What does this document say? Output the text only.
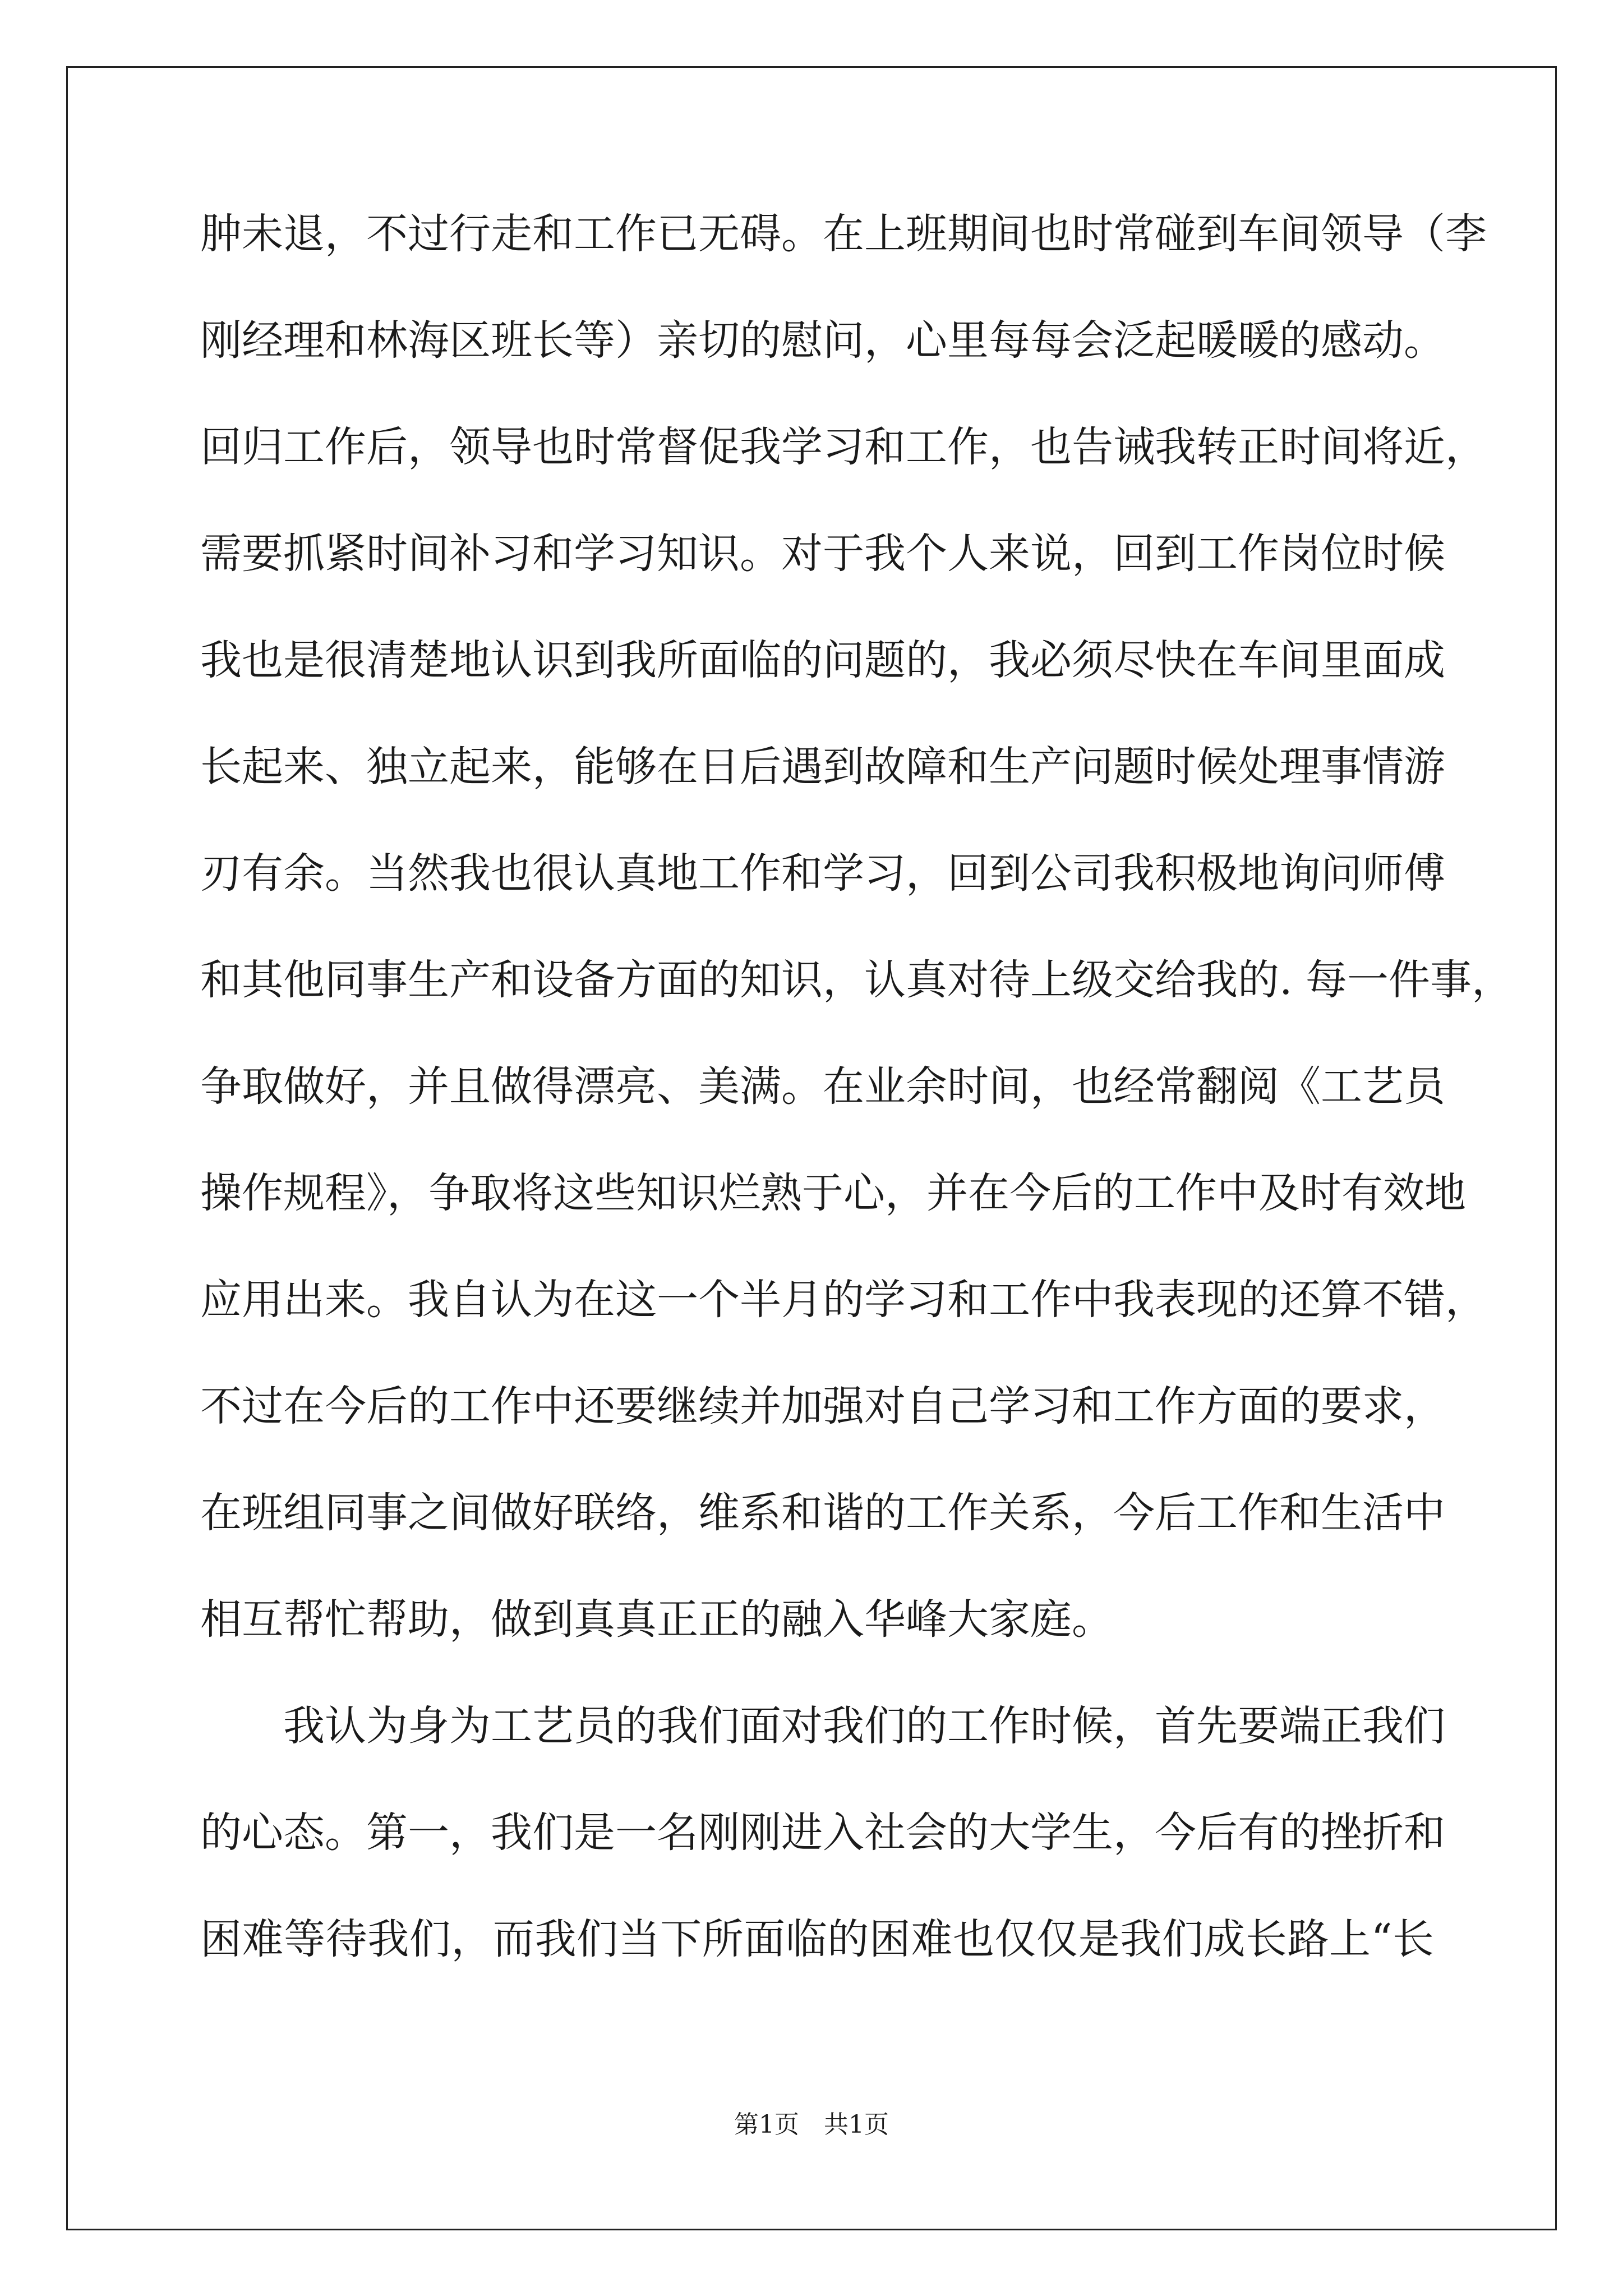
肿未退，不过行走和工作已无碍。在上班期间也时常碰到车间领导（李
刚经理和林海区班长等）亲切的慰问，心里每每会泛起暖暖的感动。
回归工作后，领导也时常督促我学习和工作，也告诫我转正时间将近，
需要抓紧时间补习和学习知识。对于我个人来说，回到工作岗位时候
我也是很清楚地认识到我所面临的问题的，我必须尽快在车间里面成
长起来、独立起来，能够在日后遇到故障和生产问题时候处理事情游
刃有余。当然我也很认真地工作和学习，回到公司我积极地询问师傅
和其他同事生产和设备方面的知识，认真对待上级交给我的. 每一件事，
争取做好，并且做得漂亮、美满。在业余时间，也经常翻阅《工艺员
操作规程》，争取将这些知识烂熟于心，并在今后的工作中及时有效地
应用出来。我自认为在这一个半月的学习和工作中我表现的还算不错，
不过在今后的工作中还要继续并加强对自己学习和工作方面的要求，
在班组同事之间做好联络，维系和谐的工作关系，今后工作和生活中
相互帮忙帮助，做到真真正正的融入华峰大家庭。
我认为身为工艺员的我们面对我们的工作时候，首先要端正我们
的心态。第一，我们是一名刚刚进入社会的大学生，今后有的挫折和
困难等待我们，而我们当下所面临的困难也仅仅是我们成长路上“长
第1页　共1页
